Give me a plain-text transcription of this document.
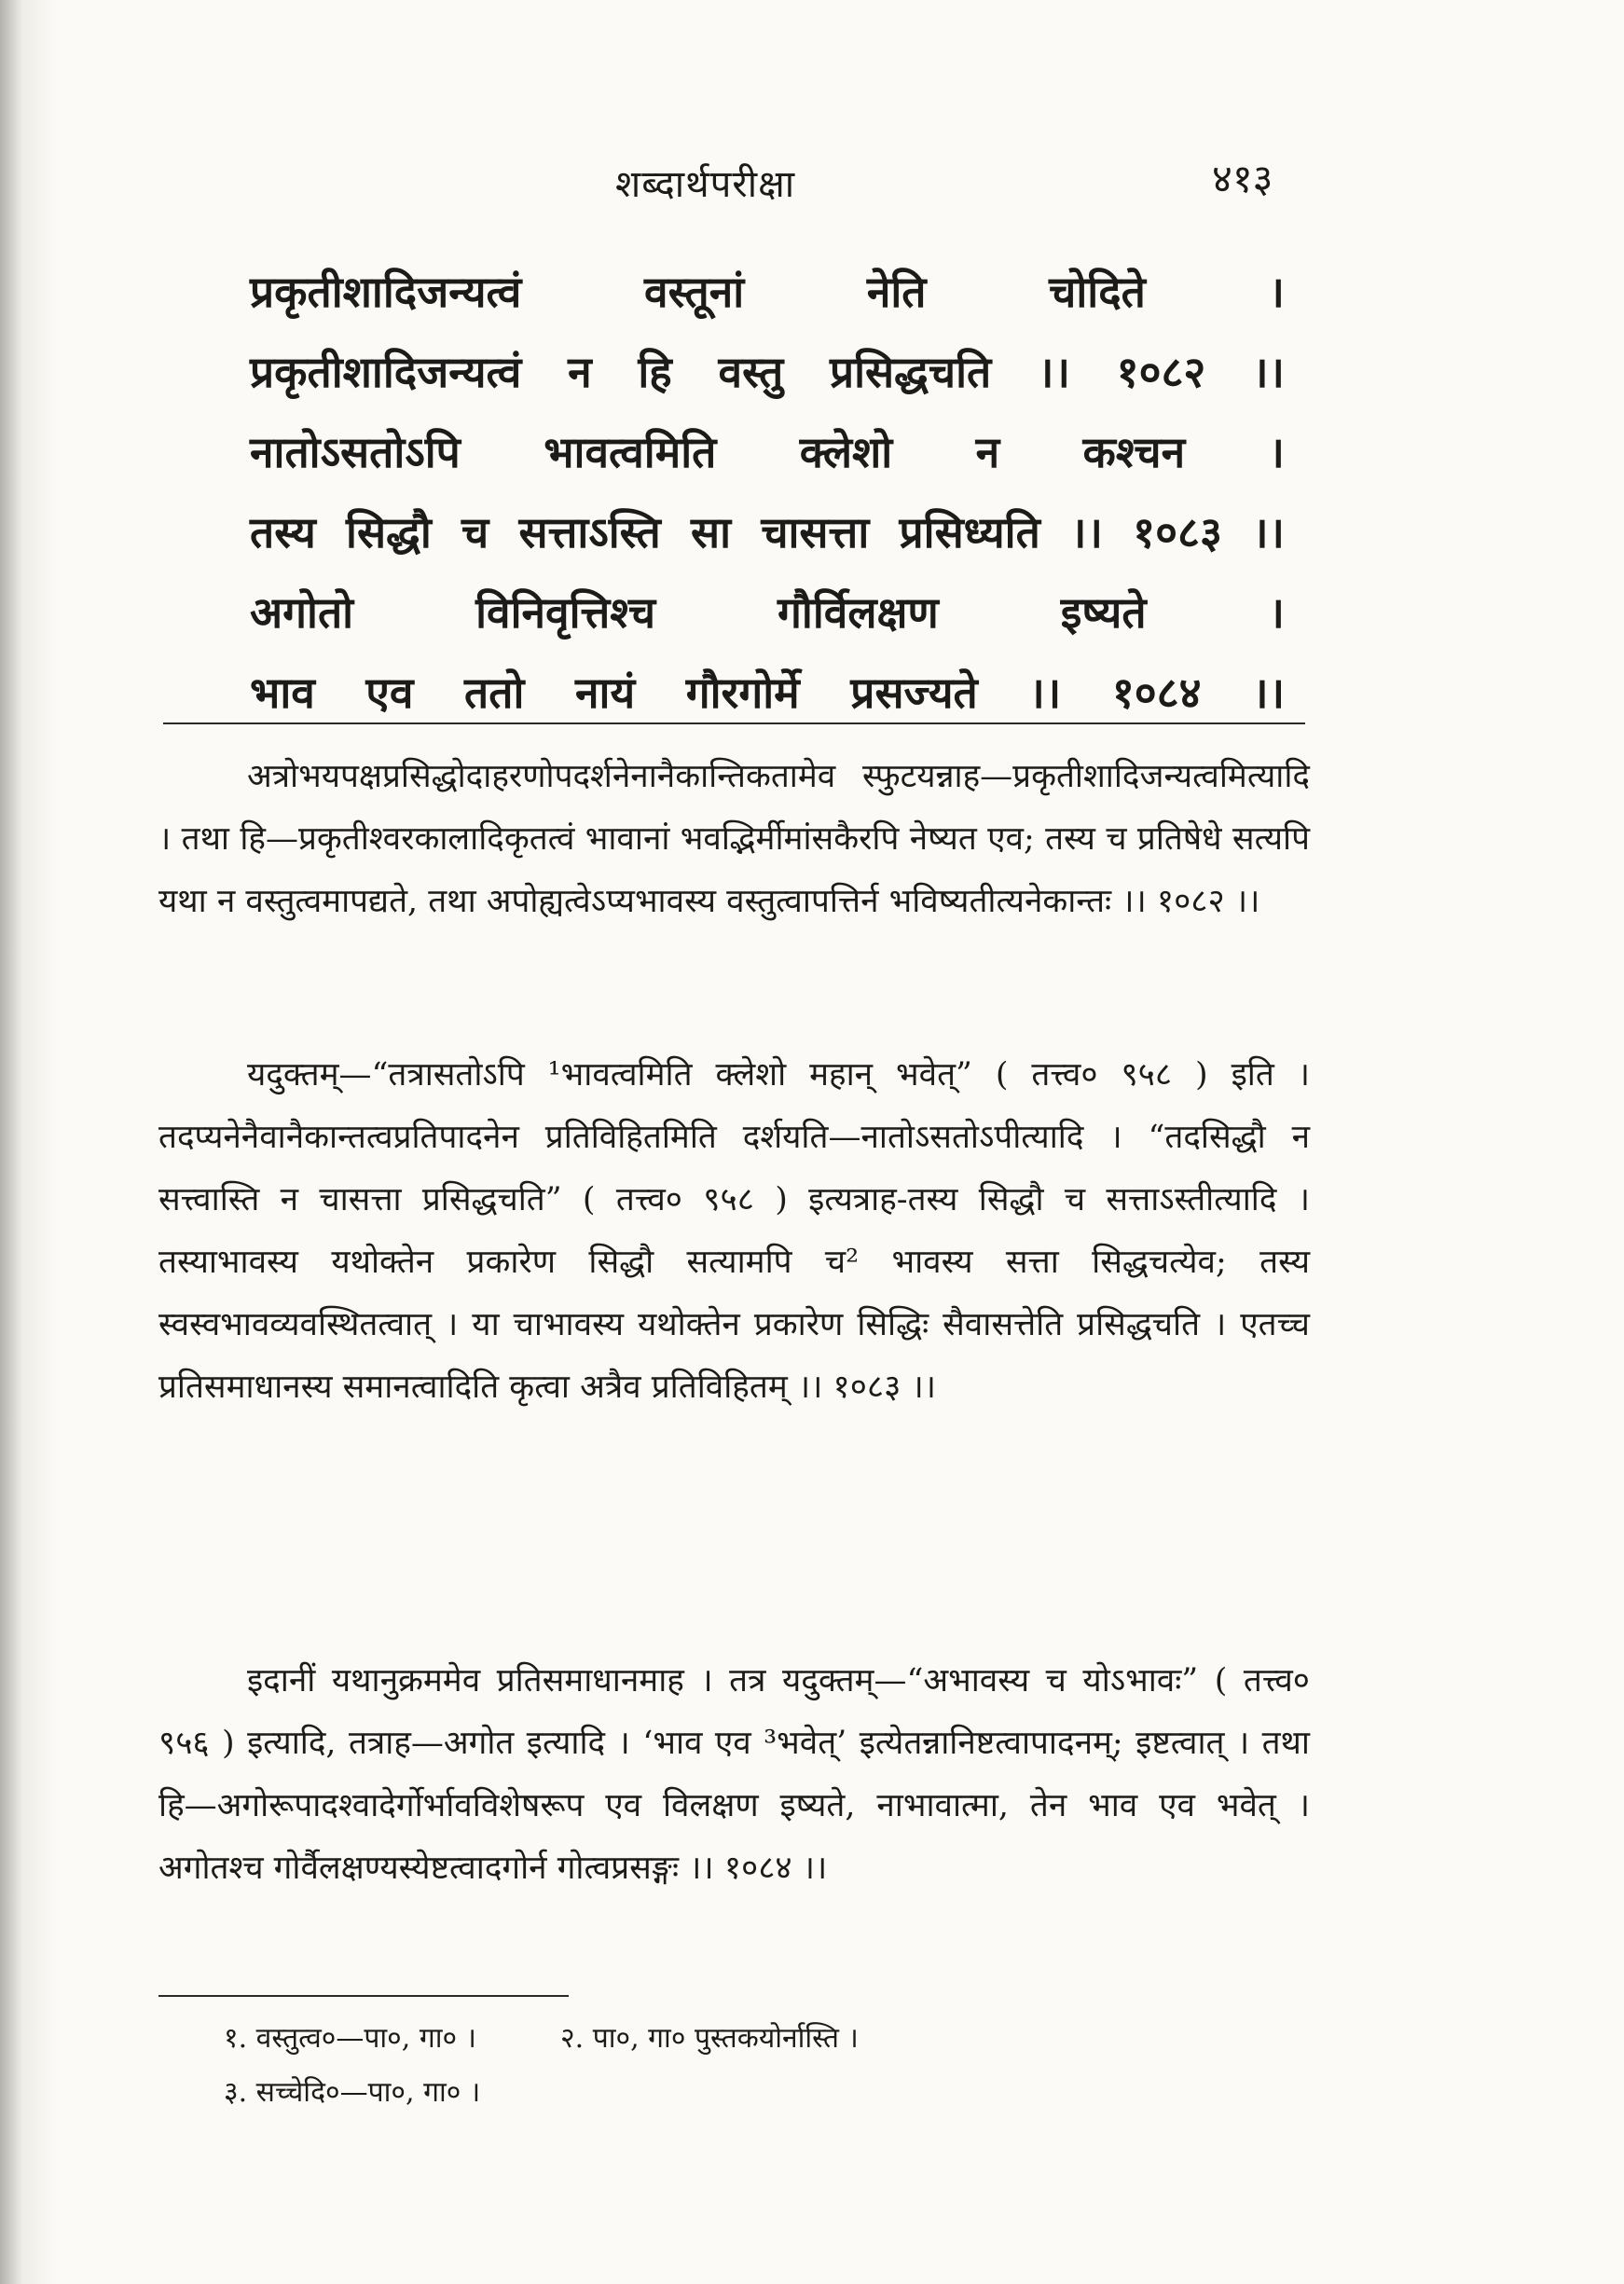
शब्दार्थपरीक्षा	४१३
प्रकृतीशादिजन्यत्वं वस्तूनां नेति चोदिते ।
प्रकृतीशादिजन्यत्वं न हि वस्तु प्रसिद्धचति ।। १०८२ ।।
नातोऽसतोऽपि भावत्वमिति क्लेशो न कश्चन ।
तस्य सिद्धौ च सत्ताऽस्ति सा चासत्ता प्रसिध्यति ।। १०८३ ।।
अगोतो विनिवृत्तिश्च गौर्विलक्षण इष्यते ।
भाव एव ततो नायं गौरगोर्मे प्रसज्यते ।। १०८४ ।।

अत्रोभयपक्षप्रसिद्धोदाहरणोपदर्शनेनानैकान्तिकतामेव स्फुटयन्नाह—प्रकृतीशादिजन्यत्वमित्यादि । तथा हि—प्रकृतीश्वरकालादिकृतत्वं भावानां भवद्भिर्मीमांसकैरपि नेष्यत एव; तस्य च प्रतिषेधे सत्यपि यथा न वस्तुत्वमापद्यते, तथा अपोह्यत्वेऽप्यभावस्य वस्तुत्वापत्तिर्न भविष्यतीत्यनेकान्तः ।। १०८२ ।।

यदुक्तम्—“तत्रासतोऽपि ¹भावत्वमिति क्लेशो महान् भवेत्” ( तत्त्व० ९५८ ) इति । तदप्यनेनैवानैकान्तत्वप्रतिपादनेन प्रतिविहितमिति दर्शयति—नातोऽसतोऽपीत्यादि । “तदसिद्धौ न सत्त्वास्ति न चासत्ता प्रसिद्धचति” ( तत्त्व० ९५८ ) इत्यत्राह-तस्य सिद्धौ च सत्ताऽस्तीत्यादि । तस्याभावस्य यथोक्तेन प्रकारेण सिद्धौ सत्यामपि च² भावस्य सत्ता सिद्धचत्येव; तस्य स्वस्वभावव्यवस्थितत्वात् । या चाभावस्य यथोक्तेन प्रकारेण सिद्धिः सैवासत्तेति प्रसिद्धचति । एतच्च प्रतिसमाधानस्य समानत्वादिति कृत्वा अत्रैव प्रतिविहितम् ।। १०८३ ।।

इदानीं यथानुक्रममेव प्रतिसमाधानमाह । तत्र यदुक्तम्—“अभावस्य च योऽभावः” ( तत्त्व० ९५६ ) इत्यादि, तत्राह—अगोत इत्यादि । ‘भाव एव ³भवेत्’ इत्येतन्नानिष्टत्वापादनम्; इष्टत्वात् । तथा हि—अगोरूपादश्वादेर्गोर्भावविशेषरूप एव विलक्षण इष्यते, नाभावात्मा, तेन भाव एव भवेत् । अगोतश्च गोर्वैलक्षण्यस्येष्टत्वादगोर्न गोत्वप्रसङ्गः ।। १०८४ ।।

१. वस्तुत्व०—पा०, गा० ।	२. पा०, गा० पुस्तकयोर्नास्ति ।
३. सच्चेदि०—पा०, गा० ।
